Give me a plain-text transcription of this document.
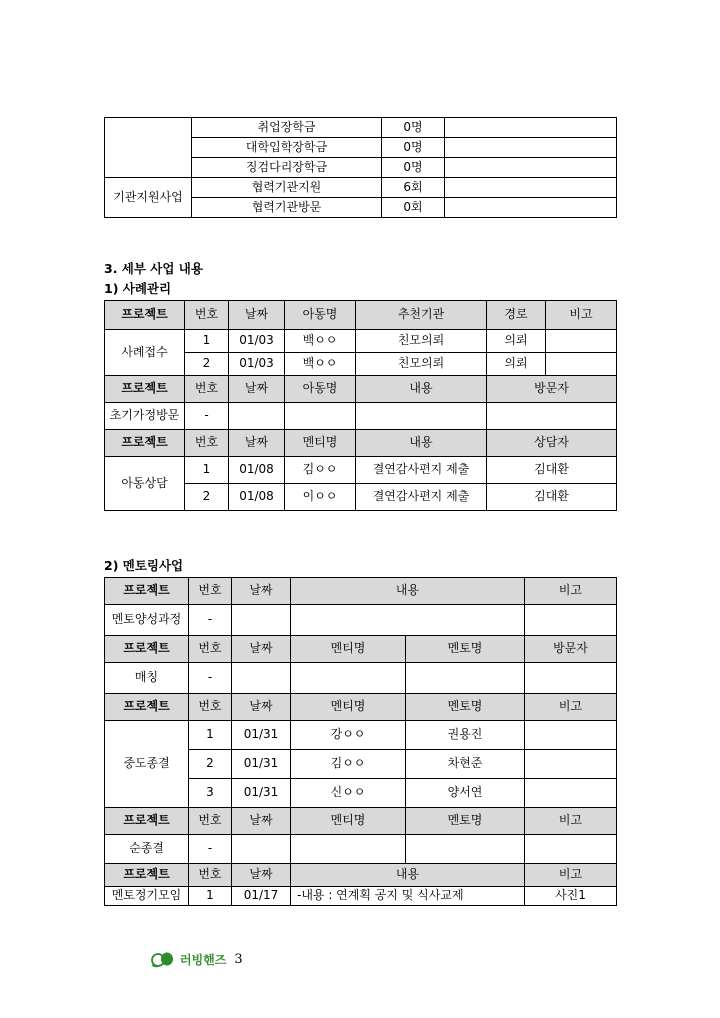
	취업장학금	0명	
	대학입학장학금	0명	
	징검다리장학금	0명	
기관지원사업	협력기관지원	6회	
	협력기관방문	0회	
3. 세부 사업 내용
1) 사례관리
프로젝트	번호	날짜	아동명	추천기관	경로	비고
사례접수	1	01/03	백ㅇㅇ	친모의뢰	의뢰	
	2	01/03	백ㅇㅇ	친모의뢰	의뢰	
프로젝트	번호	날짜	아동명	내용	방문자	
초기가정방문	-					
프로젝트	번호	날짜	멘티명	내용	상담자	
아동상담	1	01/08	김ㅇㅇ	결연감사편지 제출	김대환	
	2	01/08	이ㅇㅇ	결연감사편지 제출	김대환	
2) 멘토링사업
프로젝트	번호	날짜	내용		비고
멘토양성과정	-				
프로젝트	번호	날짜	멘티명	멘토명	방문자
매칭	-				
프로젝트	번호	날짜	멘티명	멘토명	비고
중도종결	1	01/31	강ㅇㅇ	권용진	
	2	01/31	김ㅇㅇ	차현준	
	3	01/31	신ㅇㅇ	양서연	
프로젝트	번호	날짜	멘티명	멘토명	비고
순종결	-				
프로젝트	번호	날짜	내용		비고
멘토정기모임	1	01/17	-내용 : 연계획 공지 및 식사교제		사진1
러빙핸즈 3
